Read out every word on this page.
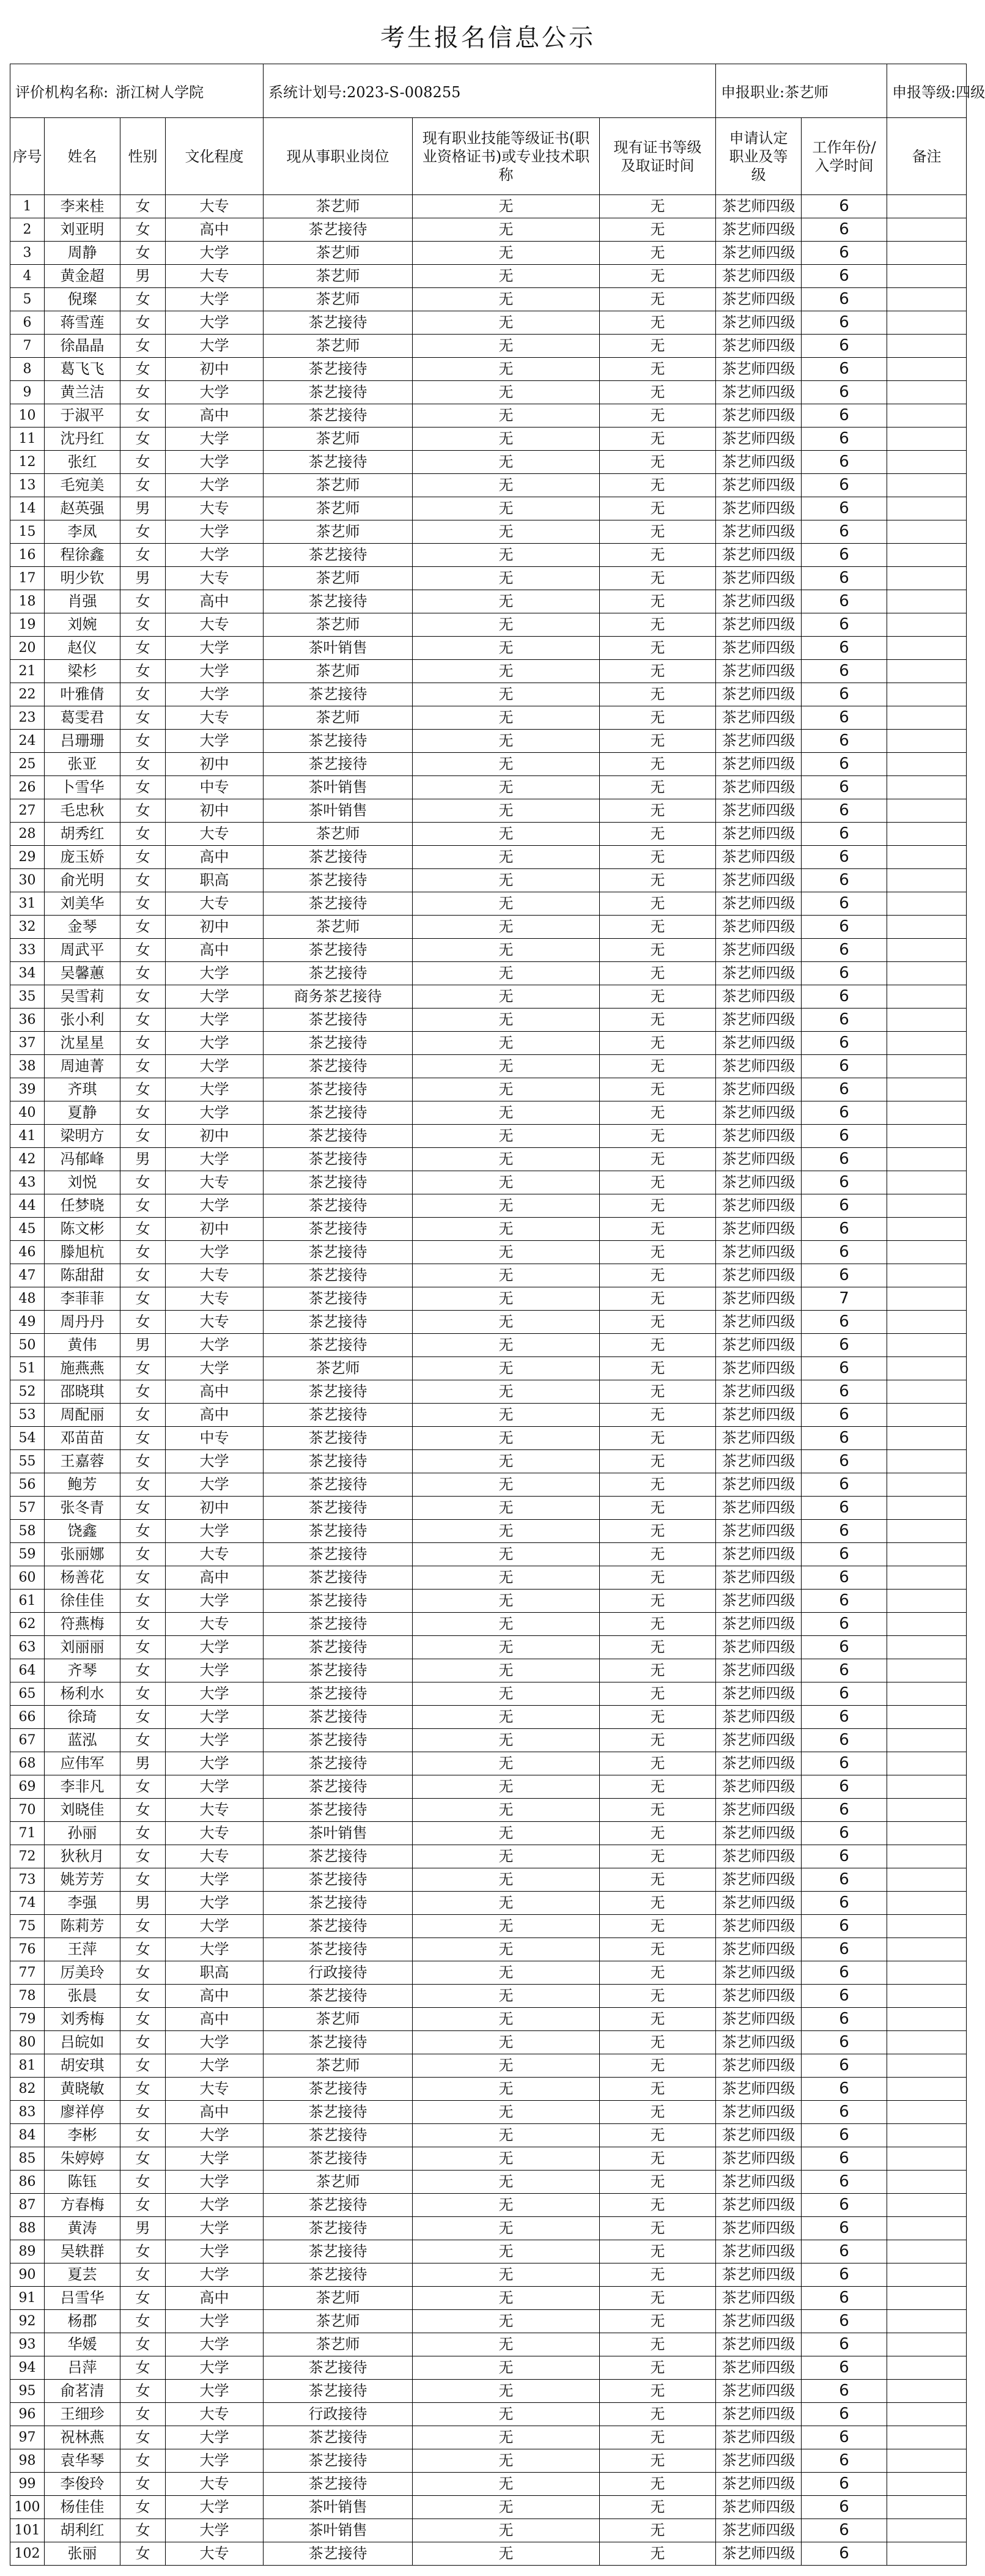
考生报名信息公示
评价机构名称: 浙江树人学院				系统计划号:2023-S-008255			申报职业:茶艺师		申报等级:四级
序号	姓名	性别	文化程度	现从事职业岗位	现有职业技能等级证书(职业资格证书)或专业技术职称	现有证书等级及取证时间	申请认定职业及等级	工作年份/入学时间	备注
1	李来桂	女	大专	茶艺师	无	无	茶艺师四级	6	
2	刘亚明	女	高中	茶艺接待	无	无	茶艺师四级	6	
3	周静	女	大学	茶艺师	无	无	茶艺师四级	6	
4	黄金超	男	大专	茶艺师	无	无	茶艺师四级	6	
5	倪璨	女	大学	茶艺师	无	无	茶艺师四级	6	
6	蒋雪莲	女	大学	茶艺接待	无	无	茶艺师四级	6	
7	徐晶晶	女	大学	茶艺师	无	无	茶艺师四级	6	
8	葛飞飞	女	初中	茶艺接待	无	无	茶艺师四级	6	
9	黄兰洁	女	大学	茶艺接待	无	无	茶艺师四级	6	
10	于淑平	女	高中	茶艺接待	无	无	茶艺师四级	6	
11	沈丹红	女	大学	茶艺师	无	无	茶艺师四级	6	
12	张红	女	大学	茶艺接待	无	无	茶艺师四级	6	
13	毛宛美	女	大学	茶艺师	无	无	茶艺师四级	6	
14	赵英强	男	大专	茶艺师	无	无	茶艺师四级	6	
15	李凤	女	大学	茶艺师	无	无	茶艺师四级	6	
16	程徐鑫	女	大学	茶艺接待	无	无	茶艺师四级	6	
17	明少钦	男	大专	茶艺师	无	无	茶艺师四级	6	
18	肖强	女	高中	茶艺接待	无	无	茶艺师四级	6	
19	刘婉	女	大专	茶艺师	无	无	茶艺师四级	6	
20	赵仪	女	大学	茶叶销售	无	无	茶艺师四级	6	
21	梁杉	女	大学	茶艺师	无	无	茶艺师四级	6	
22	叶雅倩	女	大学	茶艺接待	无	无	茶艺师四级	6	
23	葛雯君	女	大专	茶艺师	无	无	茶艺师四级	6	
24	吕珊珊	女	大学	茶艺接待	无	无	茶艺师四级	6	
25	张亚	女	初中	茶艺接待	无	无	茶艺师四级	6	
26	卜雪华	女	中专	茶叶销售	无	无	茶艺师四级	6	
27	毛忠秋	女	初中	茶叶销售	无	无	茶艺师四级	6	
28	胡秀红	女	大专	茶艺师	无	无	茶艺师四级	6	
29	庞玉娇	女	高中	茶艺接待	无	无	茶艺师四级	6	
30	俞光明	女	职高	茶艺接待	无	无	茶艺师四级	6	
31	刘美华	女	大专	茶艺接待	无	无	茶艺师四级	6	
32	金琴	女	初中	茶艺师	无	无	茶艺师四级	6	
33	周武平	女	高中	茶艺接待	无	无	茶艺师四级	6	
34	吴馨蕙	女	大学	茶艺接待	无	无	茶艺师四级	6	
35	吴雪莉	女	大学	商务茶艺接待	无	无	茶艺师四级	6	
36	张小利	女	大学	茶艺接待	无	无	茶艺师四级	6	
37	沈星星	女	大学	茶艺接待	无	无	茶艺师四级	6	
38	周迪菁	女	大学	茶艺接待	无	无	茶艺师四级	6	
39	齐琪	女	大学	茶艺接待	无	无	茶艺师四级	6	
40	夏静	女	大学	茶艺接待	无	无	茶艺师四级	6	
41	梁明方	女	初中	茶艺接待	无	无	茶艺师四级	6	
42	冯郁峰	男	大学	茶艺接待	无	无	茶艺师四级	6	
43	刘悦	女	大专	茶艺接待	无	无	茶艺师四级	6	
44	任梦晓	女	大学	茶艺接待	无	无	茶艺师四级	6	
45	陈文彬	女	初中	茶艺接待	无	无	茶艺师四级	6	
46	滕旭杭	女	大学	茶艺接待	无	无	茶艺师四级	6	
47	陈甜甜	女	大专	茶艺接待	无	无	茶艺师四级	6	
48	李菲菲	女	大专	茶艺接待	无	无	茶艺师四级	7	
49	周丹丹	女	大专	茶艺接待	无	无	茶艺师四级	6	
50	黄伟	男	大学	茶艺接待	无	无	茶艺师四级	6	
51	施燕燕	女	大学	茶艺师	无	无	茶艺师四级	6	
52	邵晓琪	女	高中	茶艺接待	无	无	茶艺师四级	6	
53	周配丽	女	高中	茶艺接待	无	无	茶艺师四级	6	
54	邓苗苗	女	中专	茶艺接待	无	无	茶艺师四级	6	
55	王嘉蓉	女	大学	茶艺接待	无	无	茶艺师四级	6	
56	鲍芳	女	大学	茶艺接待	无	无	茶艺师四级	6	
57	张冬青	女	初中	茶艺接待	无	无	茶艺师四级	6	
58	饶鑫	女	大学	茶艺接待	无	无	茶艺师四级	6	
59	张丽娜	女	大专	茶艺接待	无	无	茶艺师四级	6	
60	杨善花	女	高中	茶艺接待	无	无	茶艺师四级	6	
61	徐佳佳	女	大学	茶艺接待	无	无	茶艺师四级	6	
62	符燕梅	女	大专	茶艺接待	无	无	茶艺师四级	6	
63	刘丽丽	女	大学	茶艺接待	无	无	茶艺师四级	6	
64	齐琴	女	大学	茶艺接待	无	无	茶艺师四级	6	
65	杨利水	女	大学	茶艺接待	无	无	茶艺师四级	6	
66	徐琦	女	大学	茶艺接待	无	无	茶艺师四级	6	
67	蓝泓	女	大学	茶艺接待	无	无	茶艺师四级	6	
68	应伟军	男	大学	茶艺接待	无	无	茶艺师四级	6	
69	李非凡	女	大学	茶艺接待	无	无	茶艺师四级	6	
70	刘晓佳	女	大专	茶艺接待	无	无	茶艺师四级	6	
71	孙丽	女	大专	茶叶销售	无	无	茶艺师四级	6	
72	狄秋月	女	大专	茶艺接待	无	无	茶艺师四级	6	
73	姚芳芳	女	大学	茶艺接待	无	无	茶艺师四级	6	
74	李强	男	大学	茶艺接待	无	无	茶艺师四级	6	
75	陈莉芳	女	大学	茶艺接待	无	无	茶艺师四级	6	
76	王萍	女	大学	茶艺接待	无	无	茶艺师四级	6	
77	厉美玲	女	职高	行政接待	无	无	茶艺师四级	6	
78	张晨	女	高中	茶艺接待	无	无	茶艺师四级	6	
79	刘秀梅	女	高中	茶艺师	无	无	茶艺师四级	6	
80	吕皖如	女	大学	茶艺接待	无	无	茶艺师四级	6	
81	胡安琪	女	大学	茶艺师	无	无	茶艺师四级	6	
82	黄晓敏	女	大专	茶艺接待	无	无	茶艺师四级	6	
83	廖祥停	女	高中	茶艺接待	无	无	茶艺师四级	6	
84	李彬	女	大学	茶艺接待	无	无	茶艺师四级	6	
85	朱婷婷	女	大学	茶艺接待	无	无	茶艺师四级	6	
86	陈钰	女	大学	茶艺师	无	无	茶艺师四级	6	
87	方春梅	女	大学	茶艺接待	无	无	茶艺师四级	6	
88	黄涛	男	大学	茶艺接待	无	无	茶艺师四级	6	
89	吴轶群	女	大学	茶艺接待	无	无	茶艺师四级	6	
90	夏芸	女	大学	茶艺接待	无	无	茶艺师四级	6	
91	吕雪华	女	高中	茶艺师	无	无	茶艺师四级	6	
92	杨郡	女	大学	茶艺师	无	无	茶艺师四级	6	
93	华媛	女	大学	茶艺师	无	无	茶艺师四级	6	
94	吕萍	女	大学	茶艺接待	无	无	茶艺师四级	6	
95	俞茗清	女	大学	茶艺接待	无	无	茶艺师四级	6	
96	王细珍	女	大专	行政接待	无	无	茶艺师四级	6	
97	祝林燕	女	大学	茶艺接待	无	无	茶艺师四级	6	
98	袁华琴	女	大学	茶艺接待	无	无	茶艺师四级	6	
99	李俊玲	女	大专	茶艺接待	无	无	茶艺师四级	6	
100	杨佳佳	女	大学	茶叶销售	无	无	茶艺师四级	6	
101	胡利红	女	大学	茶叶销售	无	无	茶艺师四级	6	
102	张丽	女	大专	茶艺接待	无	无	茶艺师四级	6	
